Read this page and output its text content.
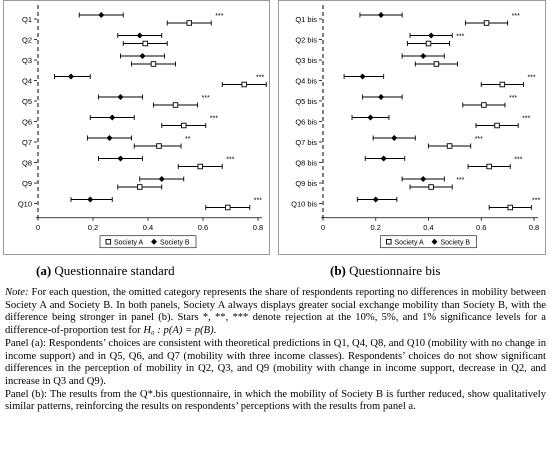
0	0.2	0.4	0.6	0.8
Q1
Q2
Q3
Q4
Q5
Q6
Q7
Q8
Q9
Q10
***
***
***
***
**
***
***
Society A Society B
0	0.2	0.4	0.6	0.8
Q1 bis
Q2 bis
Q3 bis
Q4 bis
Q5 bis
Q6 bis
Q7 bis
Q8 bis
Q9 bis
Q10 bis
***
***
***
***
***
***
***
***
***
Society A Society B
(a) Questionnaire standard	(b) Questionnaire bis

Note: For each question, the omitted category represents the share of respondents reporting no differences in mobility between Society A and Society B. In both panels, Society A always displays greater social exchange mobility than Society B, with the difference being stronger in panel (b). Stars *, **, *** denote rejection at the 10%, 5%, and 1% significance levels for a difference-of-proportion test for H₀ : p(A) = p(B).

Panel (a): Respondents’ choices are consistent with theoretical predictions in Q1, Q4, Q8, and Q10 (mobility with no change in income support) and in Q5, Q6, and Q7 (mobility with three income classes). Respondents’ choices do not show significant differences in the perception of mobility in Q2, Q3, and Q9 (mobility with change in income support, decrease in Q2, and increase in Q3 and Q9).

Panel (b): The results from the Q*.bis questionnaire, in which the mobility of Society B is further reduced, show qualitatively similar patterns, reinforcing the results on respondents’ perceptions with the results from panel a.
